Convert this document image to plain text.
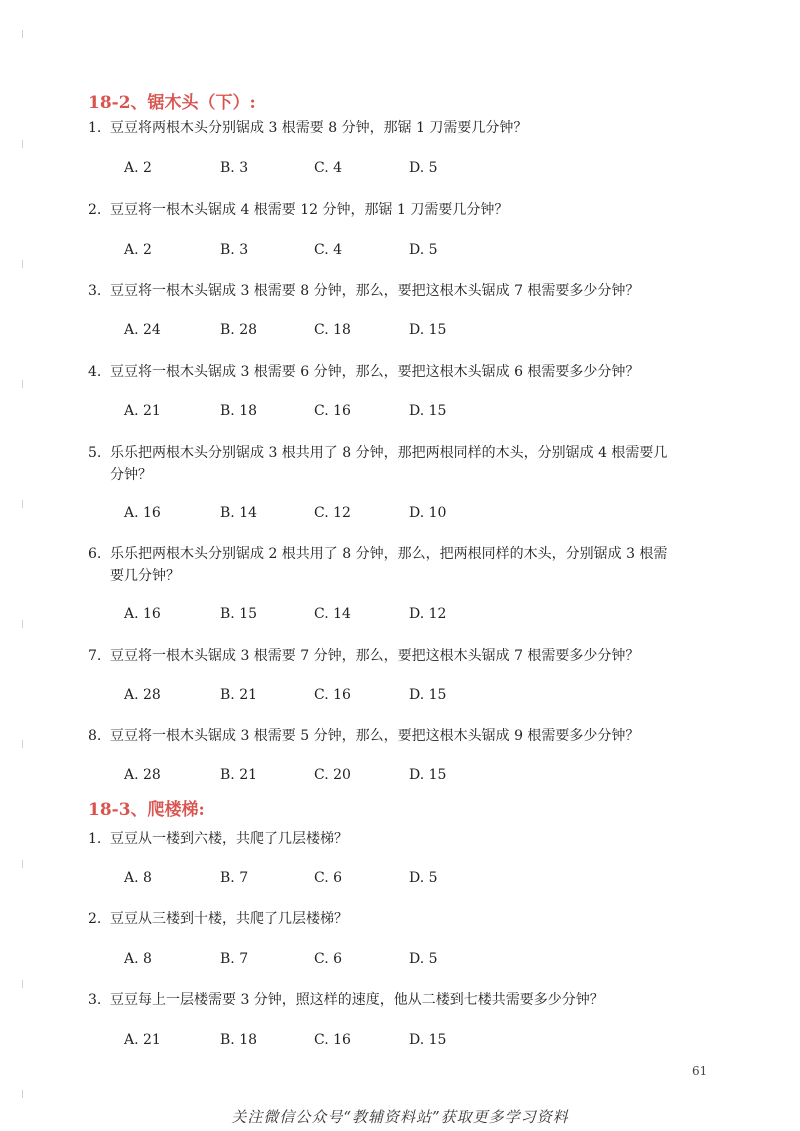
18-2、锯木头（下）:
1. 豆豆将两根木头分别锯成 3 根需要 8 分钟，那锯 1 刀需要几分钟？
A. 2	B. 3	C. 4	D. 5
2. 豆豆将一根木头锯成 4 根需要 12 分钟，那锯 1 刀需要几分钟？
A. 2	B. 3	C. 4	D. 5
3. 豆豆将一根木头锯成 3 根需要 8 分钟，那么，要把这根木头锯成 7 根需要多少分钟？
A. 24	B. 28	C. 18	D. 15
4. 豆豆将一根木头锯成 3 根需要 6 分钟，那么，要把这根木头锯成 6 根需要多少分钟？
A. 21	B. 18	C. 16	D. 15
5. 乐乐把两根木头分别锯成 3 根共用了 8 分钟，那把两根同样的木头，分别锯成 4 根需要几
分钟？
A. 16	B. 14	C. 12	D. 10
6. 乐乐把两根木头分别锯成 2 根共用了 8 分钟，那么，把两根同样的木头，分别锯成 3 根需
要几分钟？
A. 16	B. 15	C. 14	D. 12
7. 豆豆将一根木头锯成 3 根需要 7 分钟，那么，要把这根木头锯成 7 根需要多少分钟？
A. 28	B. 21	C. 16	D. 15
8. 豆豆将一根木头锯成 3 根需要 5 分钟，那么，要把这根木头锯成 9 根需要多少分钟？
A. 28	B. 21	C. 20	D. 15
18-3、爬楼梯:
1. 豆豆从一楼到六楼，共爬了几层楼梯？
A. 8	B. 7	C. 6	D. 5
2. 豆豆从三楼到十楼，共爬了几层楼梯？
A. 8	B. 7	C. 6	D. 5
3. 豆豆每上一层楼需要 3 分钟，照这样的速度，他从二楼到七楼共需要多少分钟？
A. 21	B. 18	C. 16	D. 15
61
关注微信公众号“教辅资料站”获取更多学习资料
